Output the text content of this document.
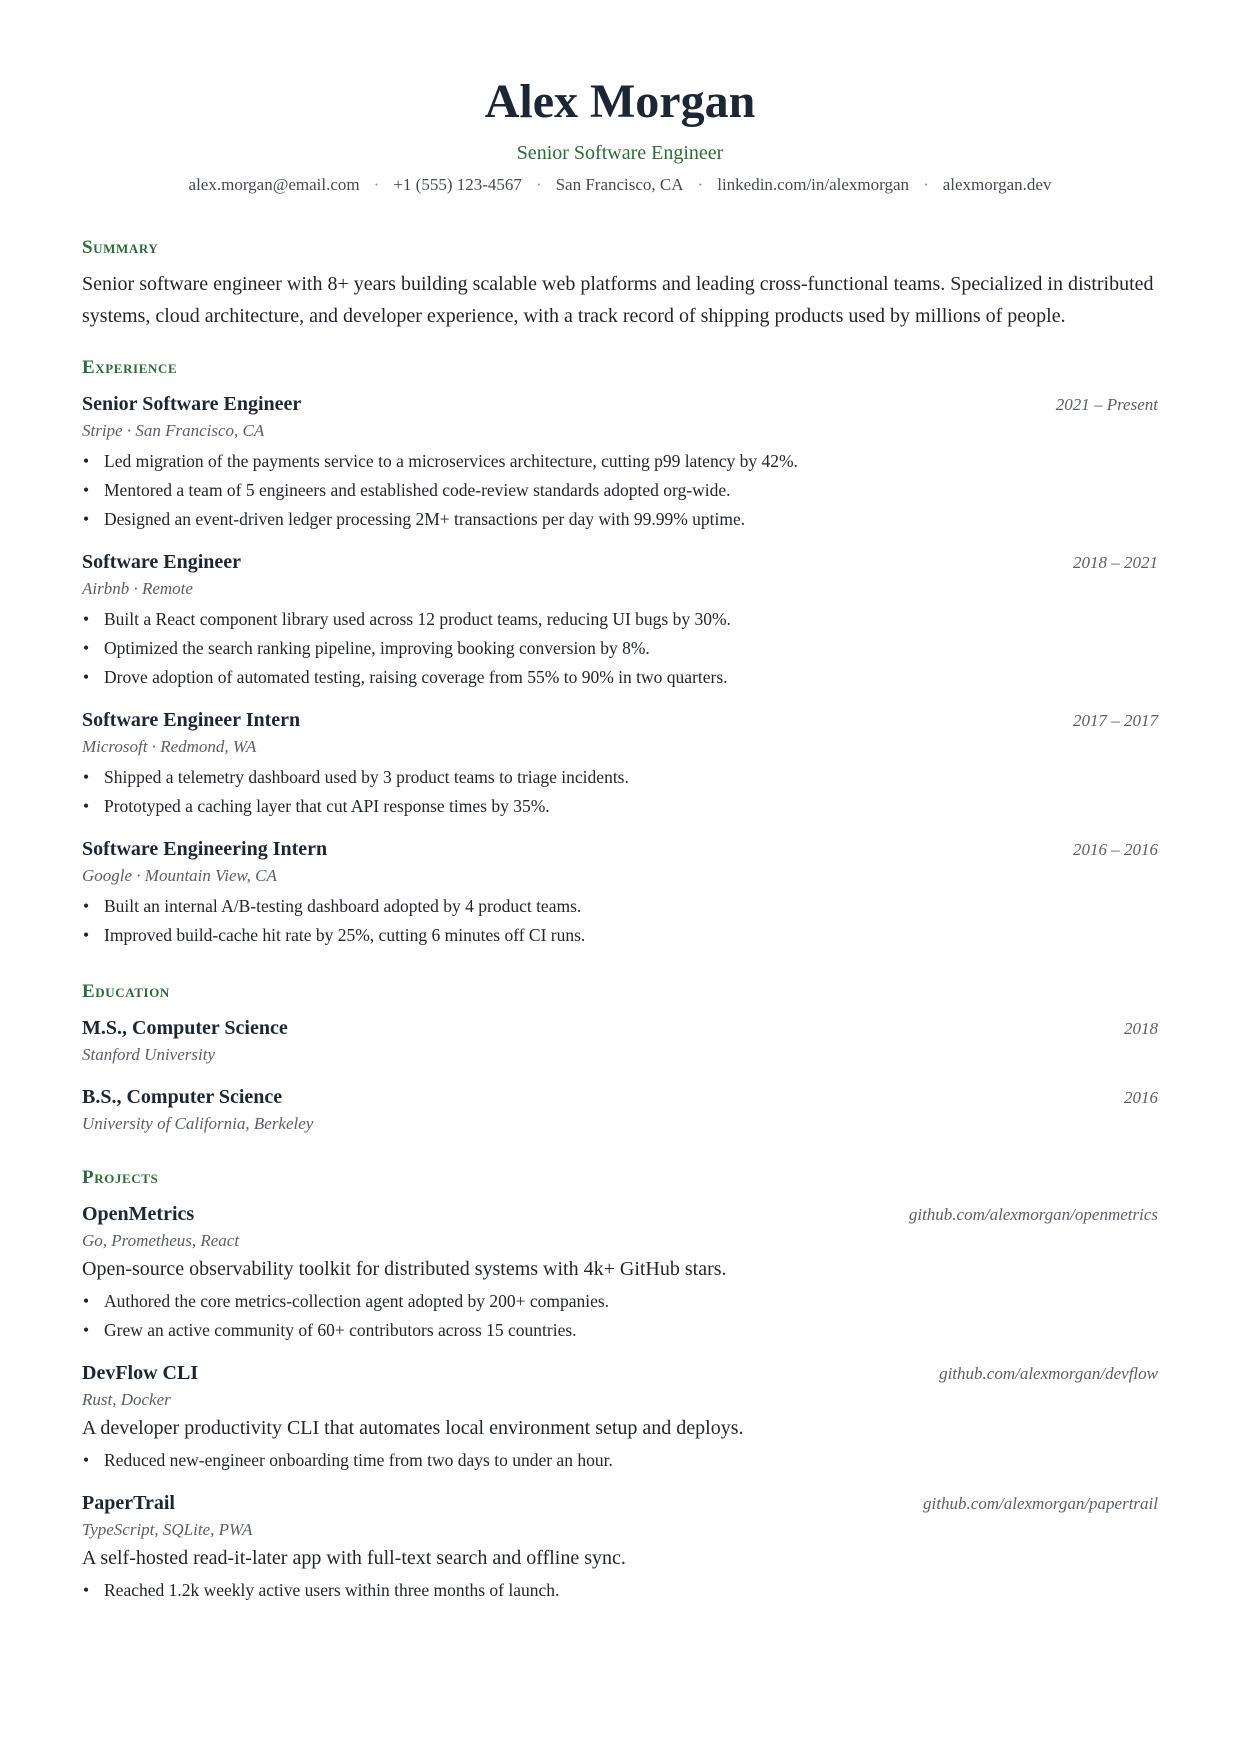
Alex Morgan
Senior Software Engineer
alex.morgan@email.com · +1 (555) 123-4567 · San Francisco, CA · linkedin.com/in/alexmorgan · alexmorgan.dev
Summary
Senior software engineer with 8+ years building scalable web platforms and leading cross-functional teams. Specialized in distributed systems, cloud architecture, and developer experience, with a track record of shipping products used by millions of people.
Experience
Senior Software Engineer	2021 – Present
Stripe · San Francisco, CA
• Led migration of the payments service to a microservices architecture, cutting p99 latency by 42%.
• Mentored a team of 5 engineers and established code-review standards adopted org-wide.
• Designed an event-driven ledger processing 2M+ transactions per day with 99.99% uptime.
Software Engineer	2018 – 2021
Airbnb · Remote
• Built a React component library used across 12 product teams, reducing UI bugs by 30%.
• Optimized the search ranking pipeline, improving booking conversion by 8%.
• Drove adoption of automated testing, raising coverage from 55% to 90% in two quarters.
Software Engineer Intern	2017 – 2017
Microsoft · Redmond, WA
• Shipped a telemetry dashboard used by 3 product teams to triage incidents.
• Prototyped a caching layer that cut API response times by 35%.
Software Engineering Intern	2016 – 2016
Google · Mountain View, CA
• Built an internal A/B-testing dashboard adopted by 4 product teams.
• Improved build-cache hit rate by 25%, cutting 6 minutes off CI runs.
Education
M.S., Computer Science	2018
Stanford University
B.S., Computer Science	2016
University of California, Berkeley
Projects
OpenMetrics	github.com/alexmorgan/openmetrics
Go, Prometheus, React
Open-source observability toolkit for distributed systems with 4k+ GitHub stars.
• Authored the core metrics-collection agent adopted by 200+ companies.
• Grew an active community of 60+ contributors across 15 countries.
DevFlow CLI	github.com/alexmorgan/devflow
Rust, Docker
A developer productivity CLI that automates local environment setup and deploys.
• Reduced new-engineer onboarding time from two days to under an hour.
PaperTrail	github.com/alexmorgan/papertrail
TypeScript, SQLite, PWA
A self-hosted read-it-later app with full-text search and offline sync.
• Reached 1.2k weekly active users within three months of launch.
